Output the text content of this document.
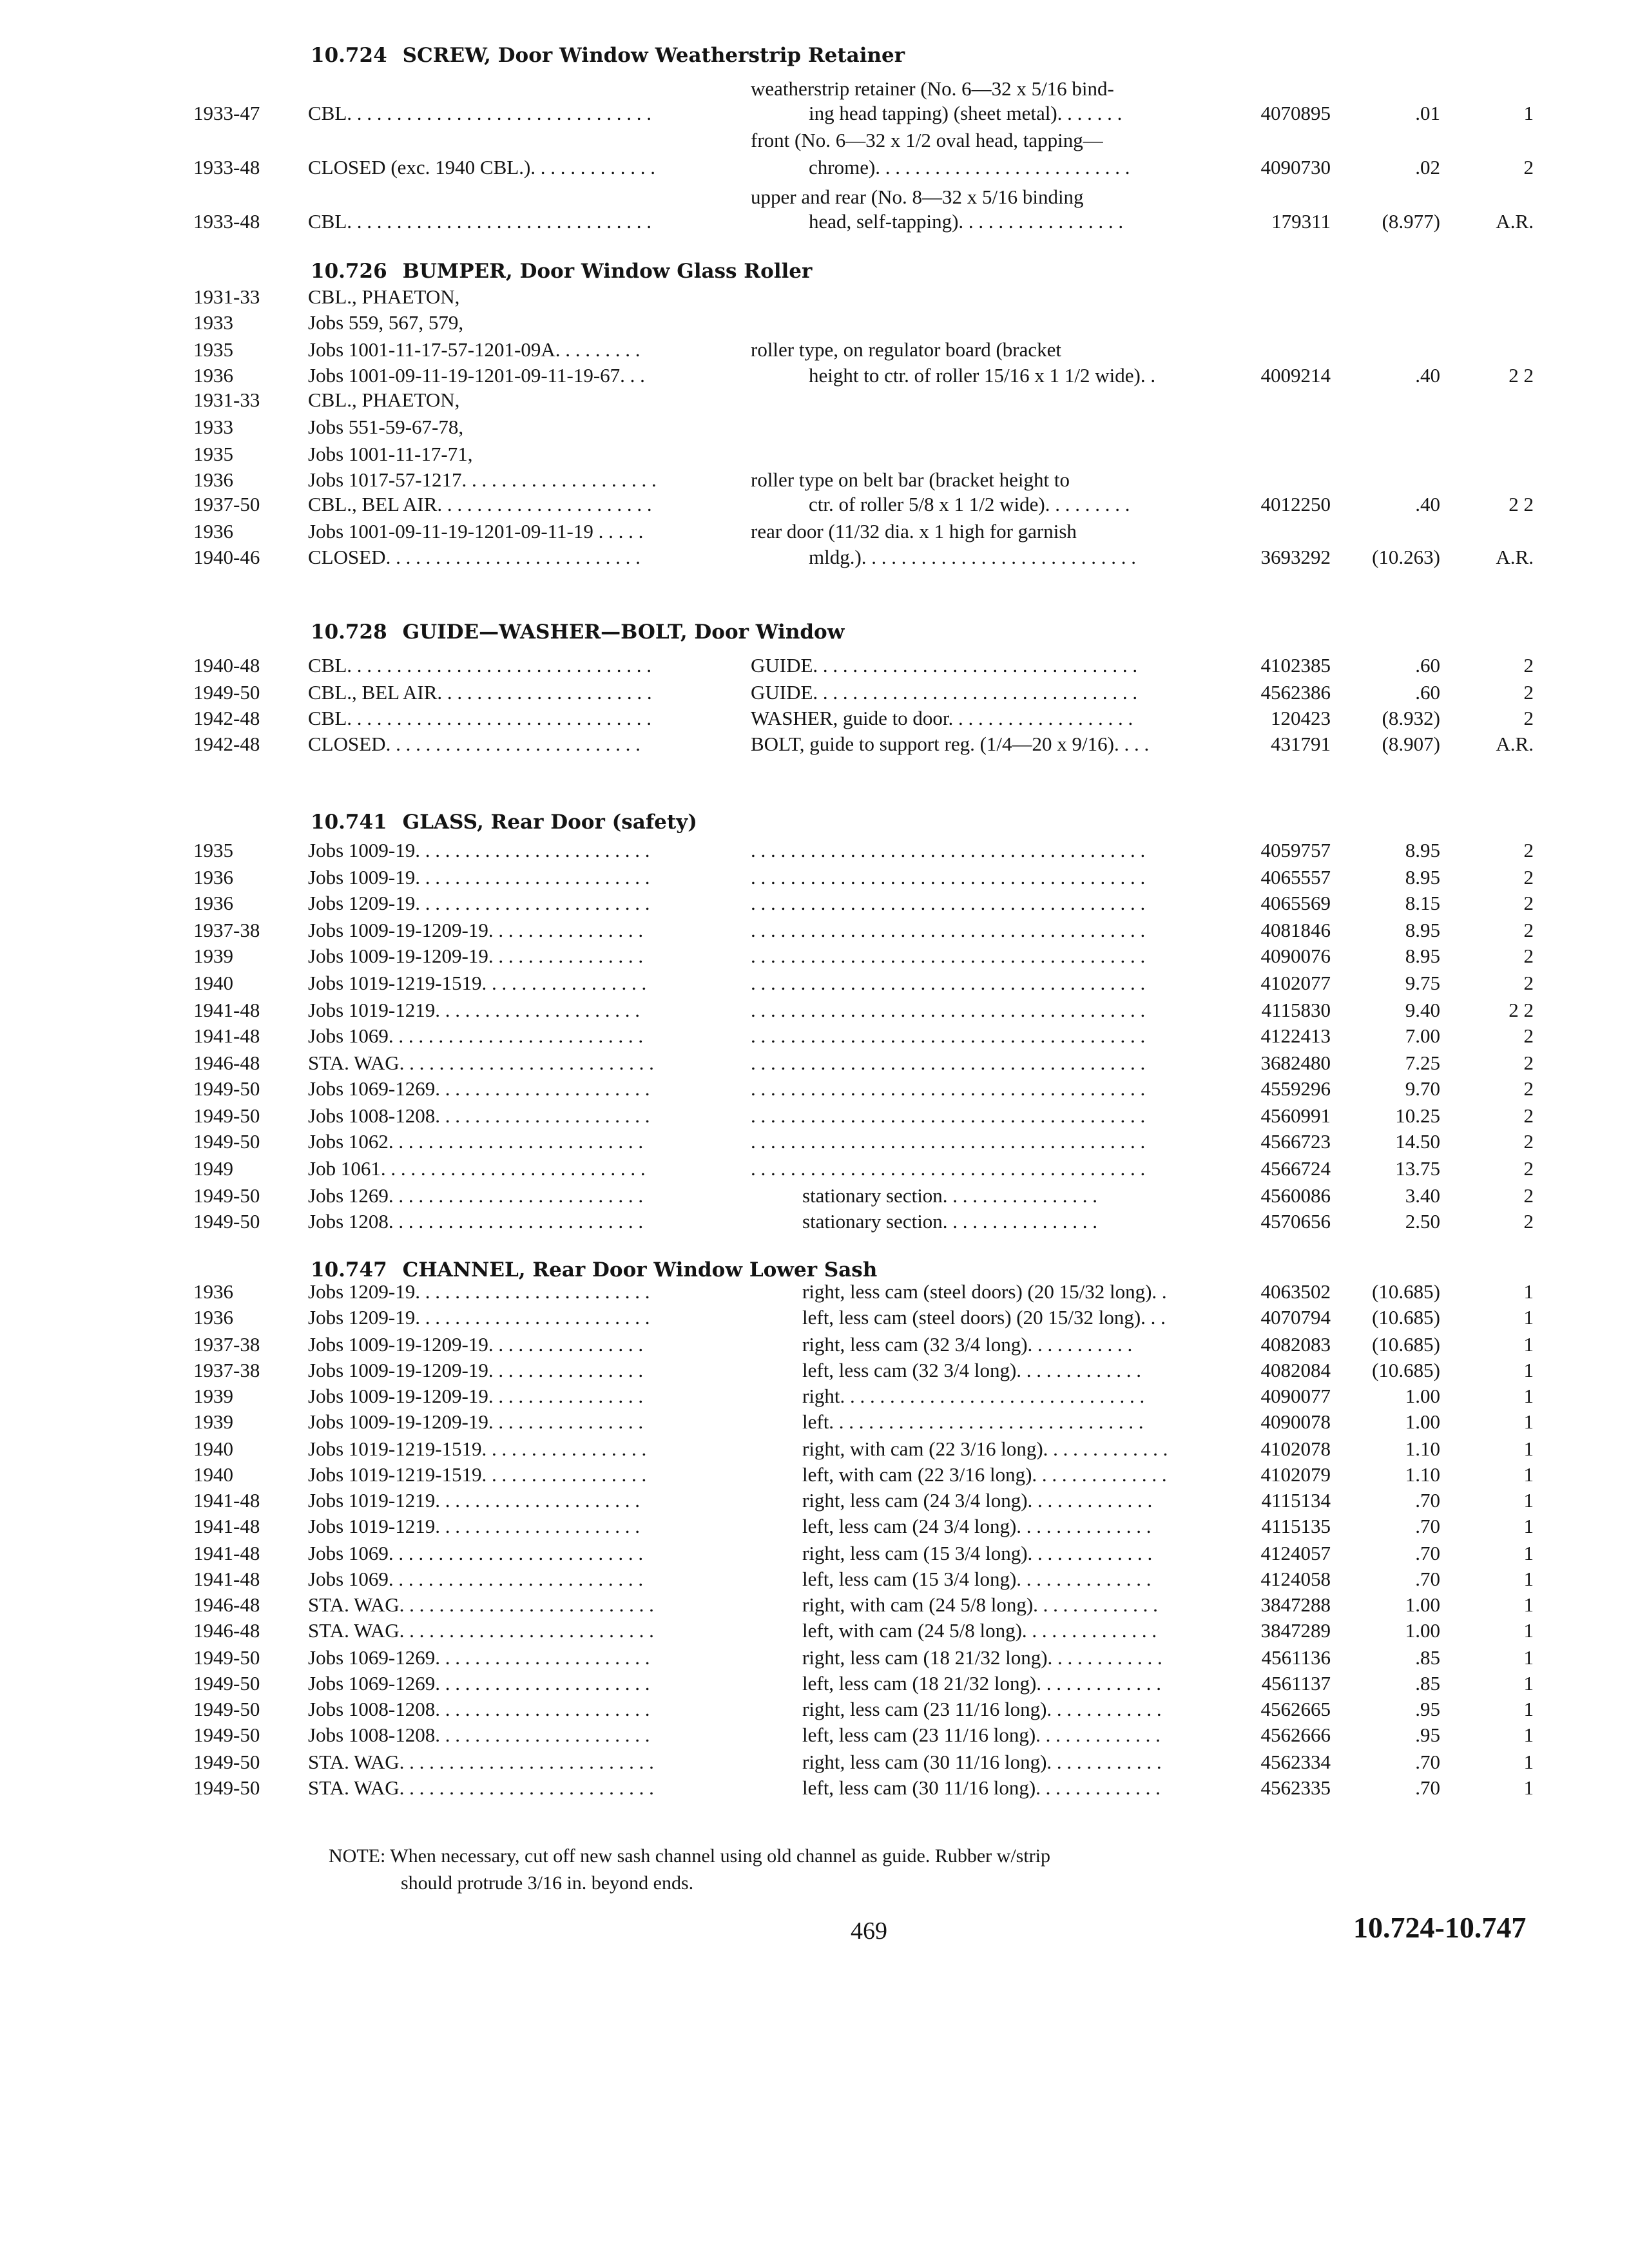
10.724 SCREW, Door Window Weatherstrip Retainer
weatherstrip retainer (No. 6—32 x 5/16 bind-
1933-47	CBL. . . . . . . . . . . . . . . . . . . . . . . . . . . . . . .	ing head tapping) (sheet metal). . . . . . .	4070895	.01	1
front (No. 6—32 x 1/2 oval head, tapping—
1933-48	CLOSED (exc. 1940 CBL.). . . . . . . . . . . . .	chrome). . . . . . . . . . . . . . . . . . . . . . . . . .	4090730	.02	2
upper and rear (No. 8—32 x 5/16 binding
1933-48	CBL. . . . . . . . . . . . . . . . . . . . . . . . . . . . . . .	head, self-tapping). . . . . . . . . . . . . . . . .	179311	(8.977)	A.R.
10.726 BUMPER, Door Window Glass Roller
1931-33	CBL., PHAETON,
1933	Jobs 559, 567, 579,
1935	Jobs 1001-11-17-57-1201-09A. . . . . . . . .	roller type, on regulator board (bracket
1936	Jobs 1001-09-11-19-1201-09-11-19-67. . .	height to ctr. of roller 15/16 x 1 1/2 wide). .	4009214	.40	2 2
1931-33	CBL., PHAETON,
1933	Jobs 551-59-67-78,
1935	Jobs 1001-11-17-71,
1936	Jobs 1017-57-1217. . . . . . . . . . . . . . . . . . . .	roller type on belt bar (bracket height to
1937-50	CBL., BEL AIR. . . . . . . . . . . . . . . . . . . . . .	ctr. of roller 5/8 x 1 1/2 wide). . . . . . . . .	4012250	.40	2 2
1936	Jobs 1001-09-11-19-1201-09-11-19 . . . . .	rear door (11/32 dia. x 1 high for garnish
1940-46	CLOSED. . . . . . . . . . . . . . . . . . . . . . . . . .	mldg.). . . . . . . . . . . . . . . . . . . . . . . . . . . .	3693292	(10.263)	A.R.
10.728 GUIDE—WASHER—BOLT, Door Window
1940-48	CBL. . . . . . . . . . . . . . . . . . . . . . . . . . . . . . .	GUIDE. . . . . . . . . . . . . . . . . . . . . . . . . . . . . . . . .	4102385	.60	2
1949-50	CBL., BEL AIR. . . . . . . . . . . . . . . . . . . . . .	GUIDE. . . . . . . . . . . . . . . . . . . . . . . . . . . . . . . . .	4562386	.60	2
1942-48	CBL. . . . . . . . . . . . . . . . . . . . . . . . . . . . . . .	WASHER, guide to door. . . . . . . . . . . . . . . . . . .	120423	(8.932)	2
1942-48	CLOSED. . . . . . . . . . . . . . . . . . . . . . . . . .	BOLT, guide to support reg. (1/4—20 x 9/16). . . .	431791	(8.907)	A.R.
10.741 GLASS, Rear Door (safety)
1935	Jobs 1009-19. . . . . . . . . . . . . . . . . . . . . . . .	. . . . . . . . . . . . . . . . . . . . . . . . . . . . . . . . . . . . . . . .	4059757	8.95	2
1936	Jobs 1009-19. . . . . . . . . . . . . . . . . . . . . . . .	. . . . . . . . . . . . . . . . . . . . . . . . . . . . . . . . . . . . . . . .	4065557	8.95	2
1936	Jobs 1209-19. . . . . . . . . . . . . . . . . . . . . . . .	. . . . . . . . . . . . . . . . . . . . . . . . . . . . . . . . . . . . . . . .	4065569	8.15	2
1937-38	Jobs 1009-19-1209-19. . . . . . . . . . . . . . . .	. . . . . . . . . . . . . . . . . . . . . . . . . . . . . . . . . . . . . . . .	4081846	8.95	2
1939	Jobs 1009-19-1209-19. . . . . . . . . . . . . . . .	. . . . . . . . . . . . . . . . . . . . . . . . . . . . . . . . . . . . . . . .	4090076	8.95	2
1940	Jobs 1019-1219-1519. . . . . . . . . . . . . . . . .	. . . . . . . . . . . . . . . . . . . . . . . . . . . . . . . . . . . . . . . .	4102077	9.75	2
1941-48	Jobs 1019-1219. . . . . . . . . . . . . . . . . . . . .	. . . . . . . . . . . . . . . . . . . . . . . . . . . . . . . . . . . . . . . .	4115830	9.40	2 2
1941-48	Jobs 1069. . . . . . . . . . . . . . . . . . . . . . . . . .	. . . . . . . . . . . . . . . . . . . . . . . . . . . . . . . . . . . . . . . .	4122413	7.00	2
1946-48	STA. WAG. . . . . . . . . . . . . . . . . . . . . . . . . .	. . . . . . . . . . . . . . . . . . . . . . . . . . . . . . . . . . . . . . . .	3682480	7.25	2
1949-50	Jobs 1069-1269. . . . . . . . . . . . . . . . . . . . . .	. . . . . . . . . . . . . . . . . . . . . . . . . . . . . . . . . . . . . . . .	4559296	9.70	2
1949-50	Jobs 1008-1208. . . . . . . . . . . . . . . . . . . . . .	. . . . . . . . . . . . . . . . . . . . . . . . . . . . . . . . . . . . . . . .	4560991	10.25	2
1949-50	Jobs 1062. . . . . . . . . . . . . . . . . . . . . . . . . .	. . . . . . . . . . . . . . . . . . . . . . . . . . . . . . . . . . . . . . . .	4566723	14.50	2
1949	Job 1061. . . . . . . . . . . . . . . . . . . . . . . . . . .	. . . . . . . . . . . . . . . . . . . . . . . . . . . . . . . . . . . . . . . .	4566724	13.75	2
1949-50	Jobs 1269. . . . . . . . . . . . . . . . . . . . . . . . . .	stationary section. . . . . . . . . . . . . . . .	4560086	3.40	2
1949-50	Jobs 1208. . . . . . . . . . . . . . . . . . . . . . . . . .	stationary section. . . . . . . . . . . . . . . .	4570656	2.50	2
10.747 CHANNEL, Rear Door Window Lower Sash
1936	Jobs 1209-19. . . . . . . . . . . . . . . . . . . . . . . .	right, less cam (steel doors) (20 15/32 long). .	4063502	(10.685)	1
1936	Jobs 1209-19. . . . . . . . . . . . . . . . . . . . . . . .	left, less cam (steel doors) (20 15/32 long). . .	4070794	(10.685)	1
1937-38	Jobs 1009-19-1209-19. . . . . . . . . . . . . . . .	right, less cam (32 3/4 long). . . . . . . . . . .	4082083	(10.685)	1
1937-38	Jobs 1009-19-1209-19. . . . . . . . . . . . . . . .	left, less cam (32 3/4 long). . . . . . . . . . . . .	4082084	(10.685)	1
1939	Jobs 1009-19-1209-19. . . . . . . . . . . . . . . .	right. . . . . . . . . . . . . . . . . . . . . . . . . . . . . . .	4090077	1.00	1
1939	Jobs 1009-19-1209-19. . . . . . . . . . . . . . . .	left. . . . . . . . . . . . . . . . . . . . . . . . . . . . . . . .	4090078	1.00	1
1940	Jobs 1019-1219-1519. . . . . . . . . . . . . . . . .	right, with cam (22 3/16 long). . . . . . . . . . . . .	4102078	1.10	1
1940	Jobs 1019-1219-1519. . . . . . . . . . . . . . . . .	left, with cam (22 3/16 long). . . . . . . . . . . . . .	4102079	1.10	1
1941-48	Jobs 1019-1219. . . . . . . . . . . . . . . . . . . . .	right, less cam (24 3/4 long). . . . . . . . . . . . .	4115134	.70	1
1941-48	Jobs 1019-1219. . . . . . . . . . . . . . . . . . . . .	left, less cam (24 3/4 long). . . . . . . . . . . . . .	4115135	.70	1
1941-48	Jobs 1069. . . . . . . . . . . . . . . . . . . . . . . . . .	right, less cam (15 3/4 long). . . . . . . . . . . . .	4124057	.70	1
1941-48	Jobs 1069. . . . . . . . . . . . . . . . . . . . . . . . . .	left, less cam (15 3/4 long). . . . . . . . . . . . . .	4124058	.70	1
1946-48	STA. WAG. . . . . . . . . . . . . . . . . . . . . . . . . .	right, with cam (24 5/8 long). . . . . . . . . . . . .	3847288	1.00	1
1946-48	STA. WAG. . . . . . . . . . . . . . . . . . . . . . . . . .	left, with cam (24 5/8 long). . . . . . . . . . . . . .	3847289	1.00	1
1949-50	Jobs 1069-1269. . . . . . . . . . . . . . . . . . . . . .	right, less cam (18 21/32 long). . . . . . . . . . . .	4561136	.85	1
1949-50	Jobs 1069-1269. . . . . . . . . . . . . . . . . . . . . .	left, less cam (18 21/32 long). . . . . . . . . . . . .	4561137	.85	1
1949-50	Jobs 1008-1208. . . . . . . . . . . . . . . . . . . . . .	right, less cam (23 11/16 long). . . . . . . . . . . .	4562665	.95	1
1949-50	Jobs 1008-1208. . . . . . . . . . . . . . . . . . . . . .	left, less cam (23 11/16 long). . . . . . . . . . . . .	4562666	.95	1
1949-50	STA. WAG. . . . . . . . . . . . . . . . . . . . . . . . . .	right, less cam (30 11/16 long). . . . . . . . . . . .	4562334	.70	1
1949-50	STA. WAG. . . . . . . . . . . . . . . . . . . . . . . . . .	left, less cam (30 11/16 long). . . . . . . . . . . . .	4562335	.70	1
NOTE: When necessary, cut off new sash channel using old channel as guide. Rubber w/strip
should protrude 3/16 in. beyond ends.
469	10.724-10.747
